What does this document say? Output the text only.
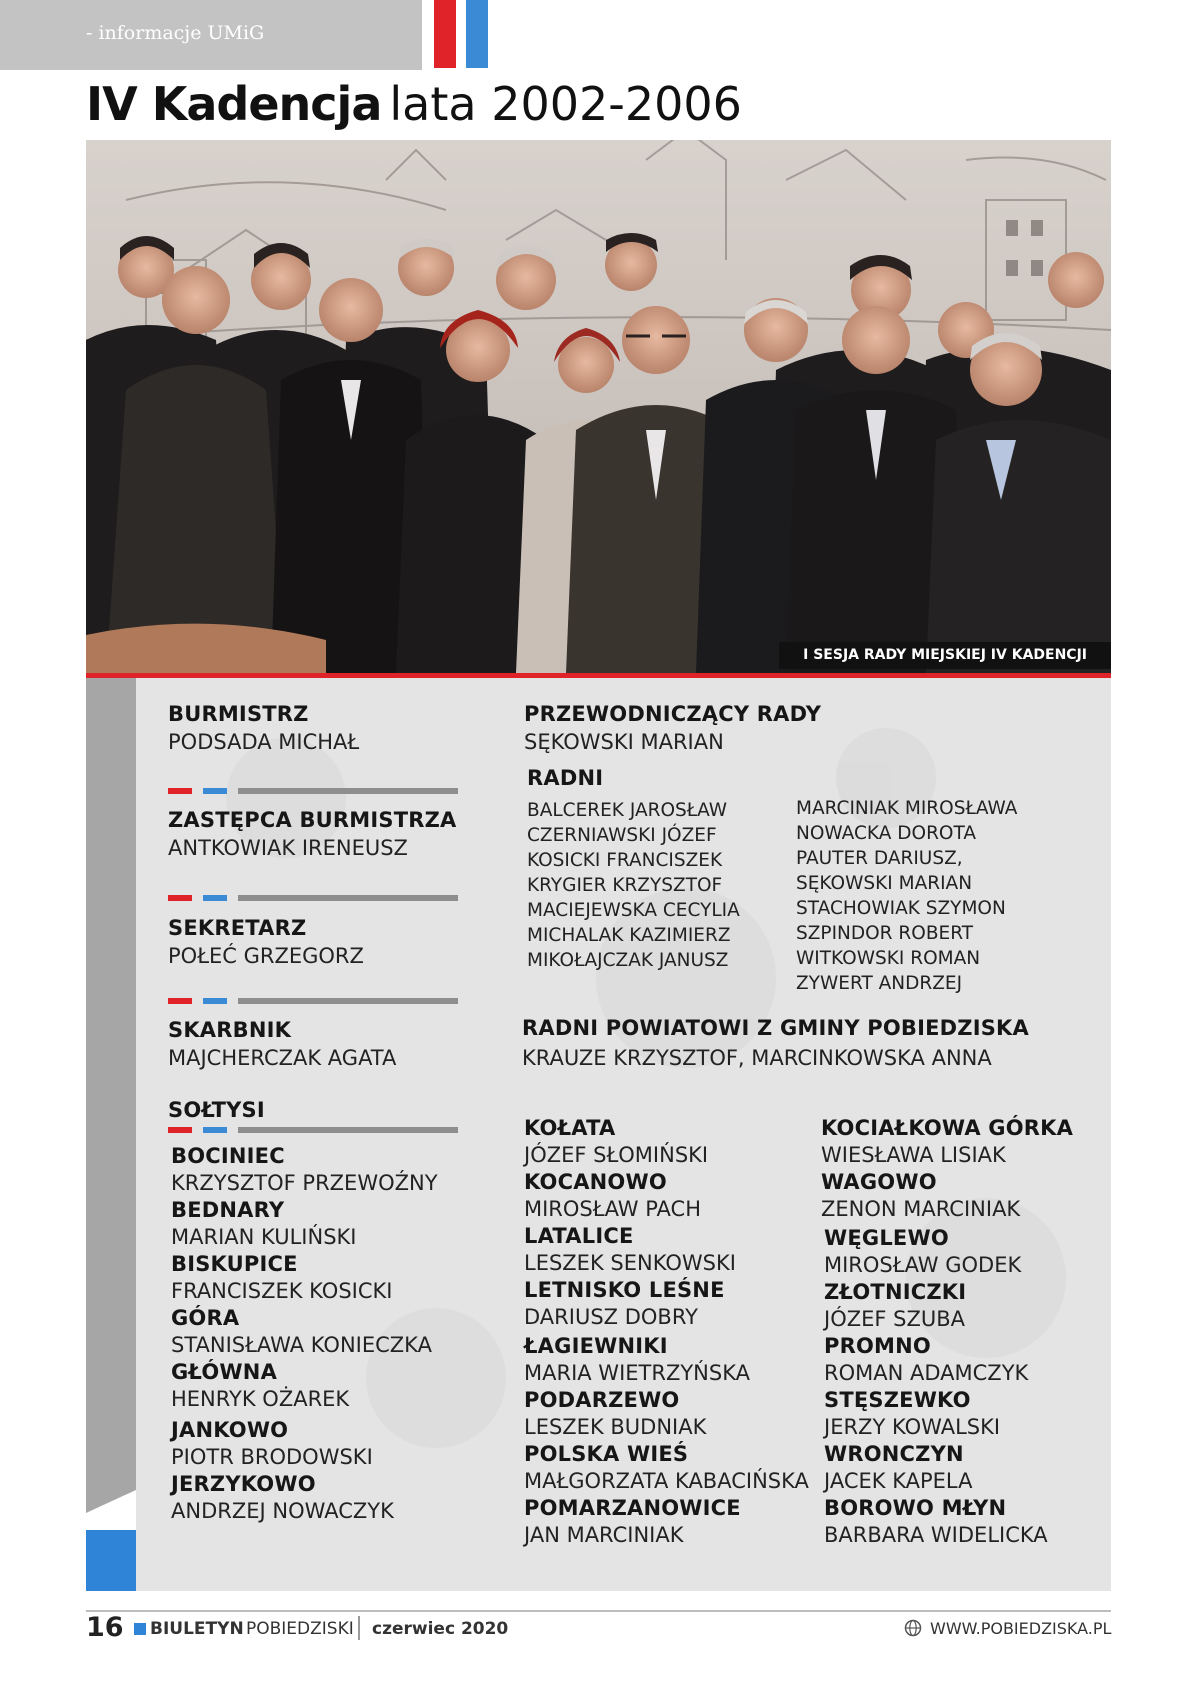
- informacje UMiG
IV Kadencja lata 2002-2006
I SESJA RADY MIEJSKIEJ IV KADENCJI
BURMISTRZ
PODSADA MICHAŁ
ZASTĘPCA BURMISTRZA
ANTKOWIAK IRENEUSZ
SEKRETARZ
POŁEĆ GRZEGORZ
SKARBNIK
MAJCHERCZAK AGATA
PRZEWODNICZĄCY RADY
SĘKOWSKI MARIAN
RADNI
BALCEREK JAROSŁAW
CZERNIAWSKI JÓZEF
KOSICKI FRANCISZEK
KRYGIER KRZYSZTOF
MACIEJEWSKA CECYLIA
MICHALAK KAZIMIERZ
MIKOŁAJCZAK JANUSZ
MARCINIAK MIROSŁAWA
NOWACKA DOROTA
PAUTER DARIUSZ,
SĘKOWSKI MARIAN
STACHOWIAK SZYMON
SZPINDOR ROBERT
WITKOWSKI ROMAN
ZYWERT ANDRZEJ
RADNI POWIATOWI Z GMINY POBIEDZISKA
KRAUZE KRZYSZTOF, MARCINKOWSKA ANNA
SOŁTYSI
BOCINIEC
KRZYSZTOF PRZEWOŹNY
BEDNARY
MARIAN KULIŃSKI
BISKUPICE
FRANCISZEK KOSICKI
GÓRA
STANISŁAWA KONIECZKA
GŁÓWNA
HENRYK OŻAREK
JANKOWO
PIOTR BRODOWSKI
JERZYKOWO
ANDRZEJ NOWACZYK
KOŁATA
JÓZEF SŁOMIŃSKI
KOCANOWO
MIROSŁAW PACH
LATALICE
LESZEK SENKOWSKI
LETNISKO LEŚNE
DARIUSZ DOBRY
ŁAGIEWNIKI
MARIA WIETRZYŃSKA
PODARZEWO
LESZEK BUDNIAK
POLSKA WIEŚ
MAŁGORZATA KABACIŃSKA
POMARZANOWICE
JAN MARCINIAK
KOCIAŁKOWA GÓRKA
WIESŁAWA LISIAK
WAGOWO
ZENON MARCINIAK
WĘGLEWO
MIROSŁAW GODEK
ZŁOTNICZKI
JÓZEF SZUBA
PROMNO
ROMAN ADAMCZYK
STĘSZEWKO
JERZY KOWALSKI
WRONCZYN
JACEK KAPELA
BOROWO MŁYN
BARBARA WIDELICKA
16 BIULETYN POBIEDZISKI czerwiec 2020	WWW.POBIEDZISKA.PL
